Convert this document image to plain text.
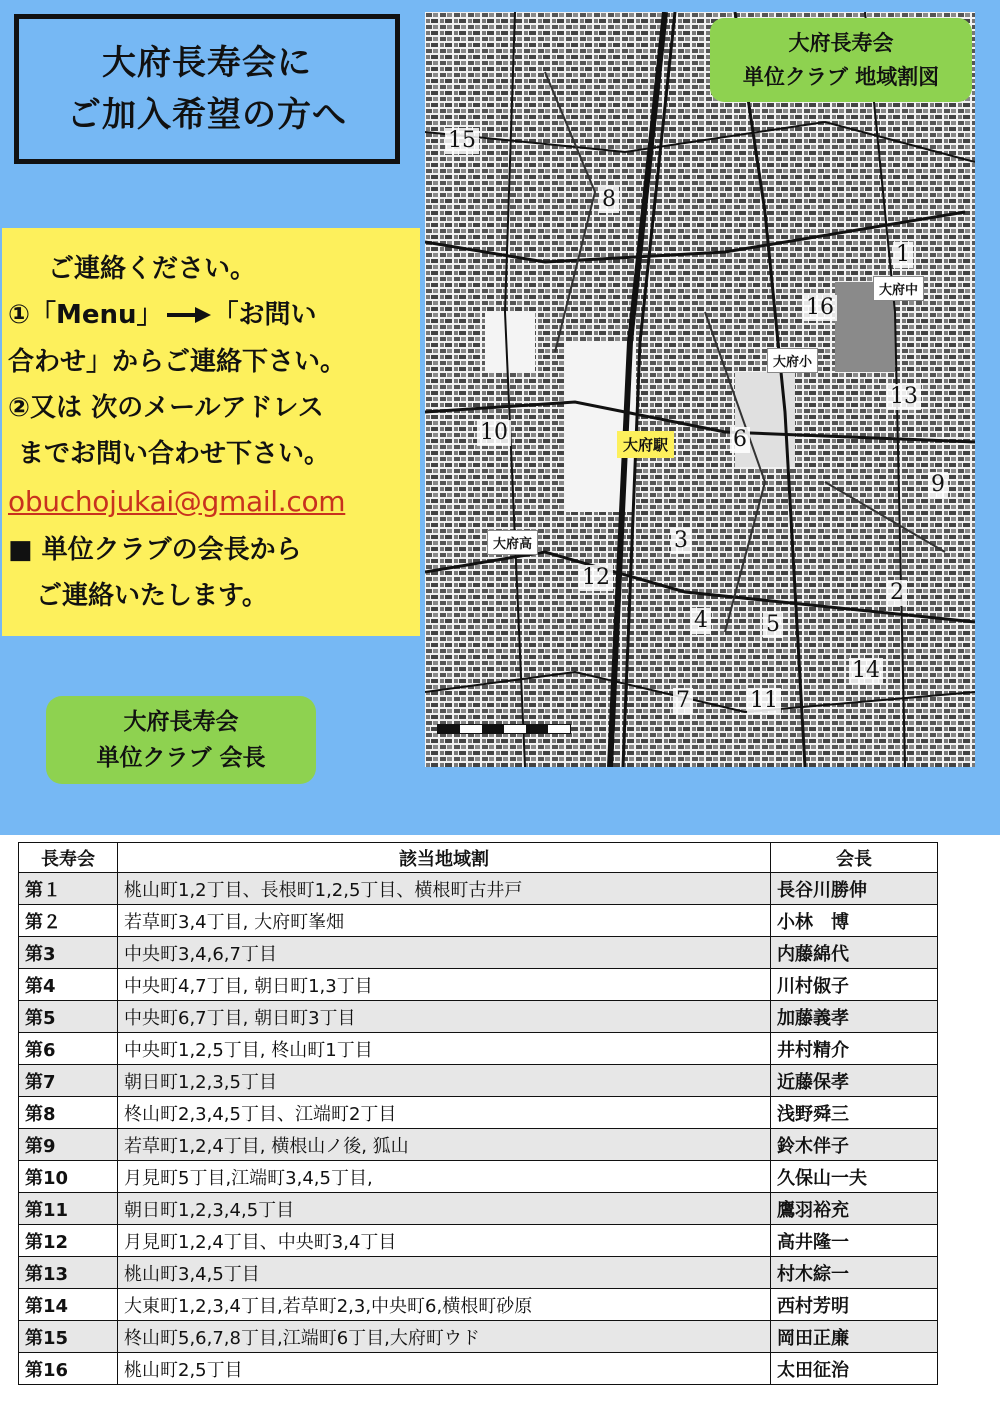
大府長寿会に
ご加入希望の方へ
ご連絡ください。
①「Menu」 「お問い
合わせ」からご連絡下さい。
②又は 次のメールアドレス
までお問い合わせ下さい。
obuchojukai@gmail.com
■ 単位クラブの会長から
ご連絡いたします。
大府長寿会
単位クラブ 会長
大府長寿会
単位クラブ 地域割図
15
8
1
16
13
10	6
9
3
12
2
4	5
14
7	11
大府中
大府小
大府駅
大府高
長寿会	該当地域割	会長
第１	桃山町1,2丁目、長根町1,2,5丁目、横根町古井戸	長谷川勝伸
第２	若草町3,4丁目, 大府町峯畑	小林　博
第3	中央町3,4,6,7丁目	内藤綿代
第4	中央町4,7丁目, 朝日町1,3丁目	川村俶子
第5	中央町6,7丁目, 朝日町3丁目	加藤義孝
第6	中央町1,2,5丁目, 柊山町1丁目	井村精介
第7	朝日町1,2,3,5丁目	近藤保孝
第8	柊山町2,3,4,5丁目、江端町2丁目	浅野舜三
第9	若草町1,2,4丁目, 横根山ノ後, 狐山	鈴木伴子
第10	月見町5丁目,江端町3,4,5丁目,	久保山一夫
第11	朝日町1,2,3,4,5丁目	鷹羽裕充
第12	月見町1,2,4丁目、中央町3,4丁目	高井隆一
第13	桃山町3,4,5丁目	村木綜一
第14	大東町1,2,3,4丁目,若草町2,3,中央町6,横根町砂原	西村芳明
第15	柊山町5,6,7,8丁目,江端町6丁目,大府町ウド	岡田正廉
第16	桃山町2,5丁目	太田征治
